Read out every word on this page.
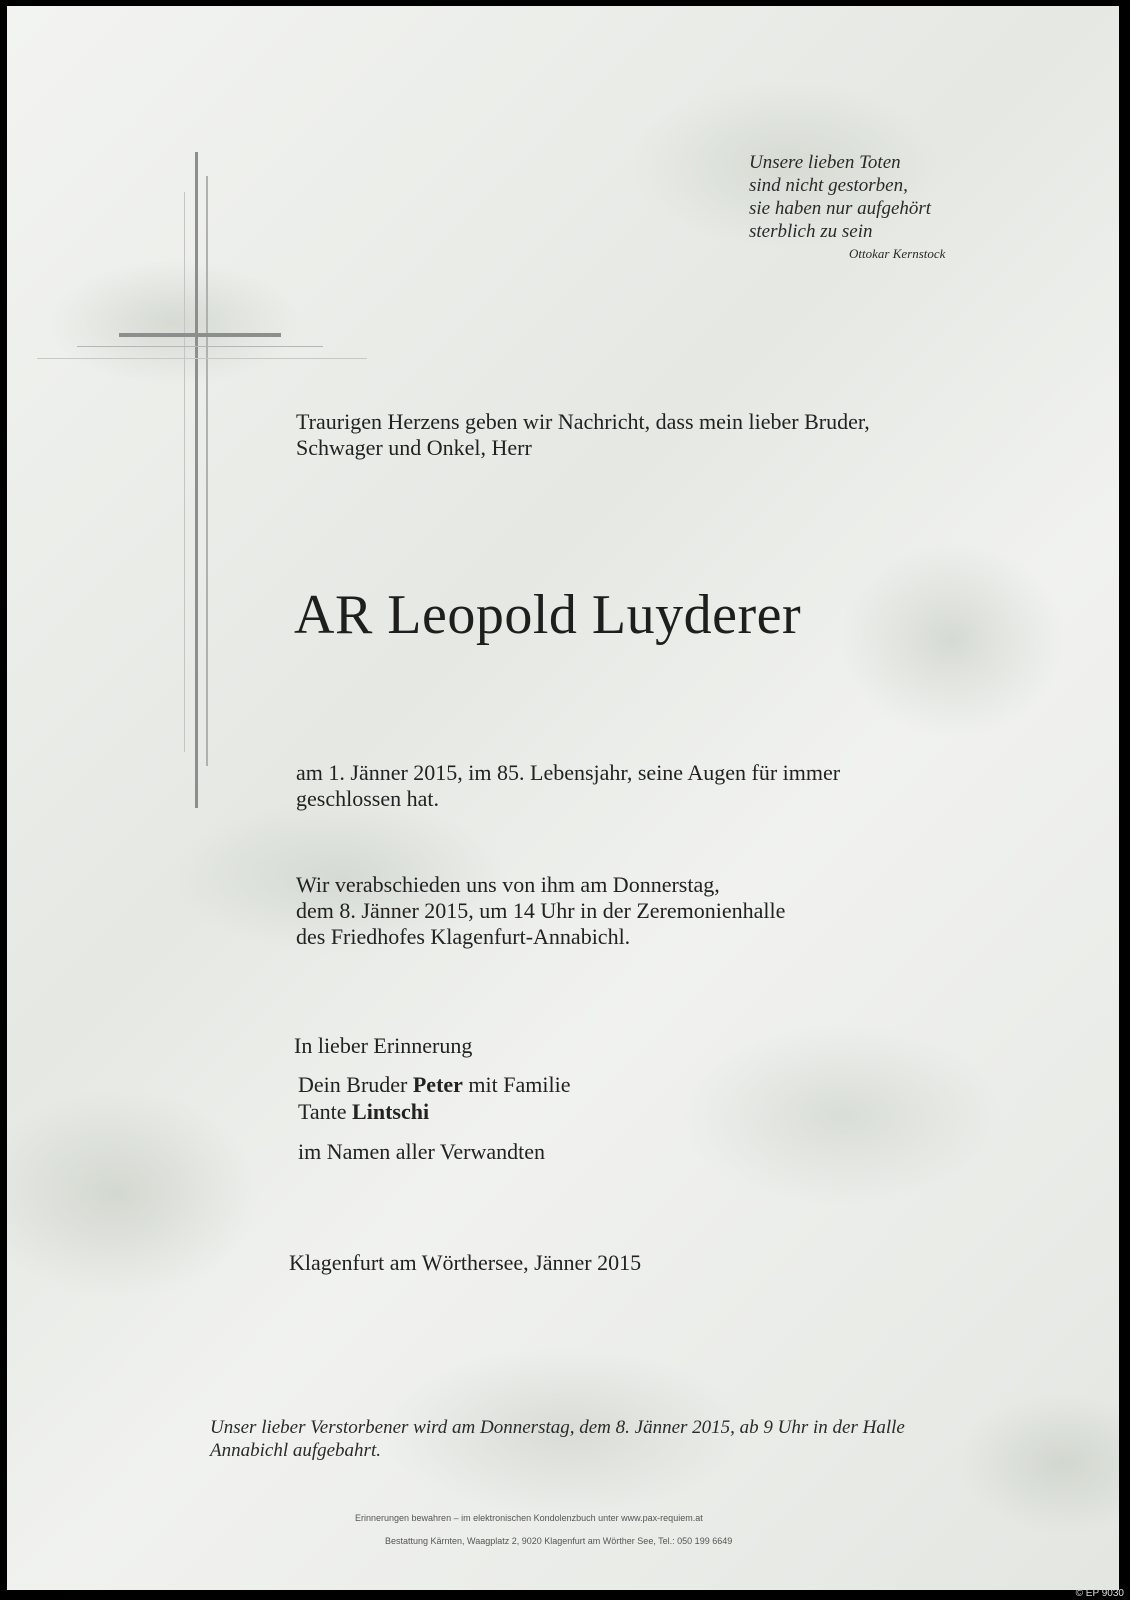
Unsere lieben Toten

sind nicht gestorben,

sie haben nur aufgehört

sterblich zu sein

Ottokar Kernstock

Traurigen Herzens geben wir Nachricht, dass mein lieber Bruder,

Schwager und Onkel, Herr

AR Leopold Luyderer

am 1. Jänner 2015, im 85. Lebensjahr, seine Augen für immer

geschlossen hat.

Wir verabschieden uns von ihm am Donnerstag,

dem 8. Jänner 2015, um 14 Uhr in der Zeremonienhalle

des Friedhofes Klagenfurt-Annabichl.

In lieber Erinnerung
Dein Bruder Peter mit Familie
Tante Lintschi
im Namen aller Verwandten
Klagenfurt am Wörthersee, Jänner 2015

Unser lieber Verstorbener wird am Donnerstag, dem 8. Jänner 2015, ab 9 Uhr in der Halle

Annabichl aufgebahrt.

Erinnerungen bewahren – im elektronischen Kondolenzbuch unter www.pax-requiem.at
Bestattung Kärnten, Waagplatz 2, 9020 Klagenfurt am Wörther See, Tel.: 050 199 6649
© EP 9030
